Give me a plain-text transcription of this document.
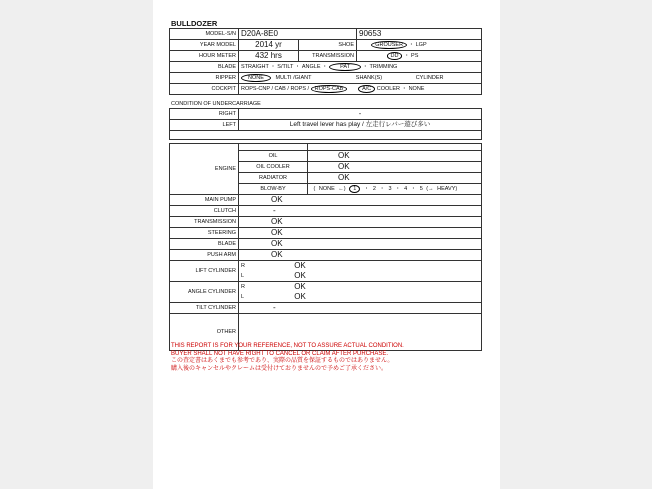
BULLDOZER
MODEL-S/N	D20A-8E0		90653
YEAR MODEL	2014 yr	SHOE	GROUSER ・ LGP
HOUR METER	432 hrs	TRANSMISSION	DD ・ PS
BLADE	STRAIGHT ・ S/TILT ・ ANGLE ・ PAT ・ TRIMMING		
RIPPER	NONE MULTI /GIANT SHANK(S) CYLINDER		
COCKPIT	ROPS-CNP / CAB / ROPS / ROPS-CAB A/C COOLER ・ NONE		
CONDITION OF UNDERCARRIAGE
RIGHT	-
LEFT	Left travel lever has play / 左走行レバー遊び多い

ENGINE		
	OIL	OK
	OIL COOLER	OK
	RADIATOR	OK
	BLOW-BY	( NONE ←) 1 ・ 2 ・ 3 ・ 4 ・ 5 (→ HEAVY)
MAIN PUMP	OK	
CLUTCH	-	
TRANSMISSION	OK	
STEERING	OK	
BLADE	OK	
PUSH ARM	OK	
LIFT CYLINDER	R OK	

	L OK	

ANGLE CYLINDER	R OK	

	L OK	

TILT CYLINDER	-	
OTHER		
THIS REPORT IS FOR YOUR REFERENCE, NOT TO ASSURE ACTUAL CONDITION.
BUYER SHALL NOT HAVE RIGHT TO CANCEL OR CLAIM AFTER PURCHASE.
この査定書はあくまでも参考であり、実際の品質を保証するものではありません。
購入後のキャンセルやクレームは受付けておりませんので予めご了承ください。
